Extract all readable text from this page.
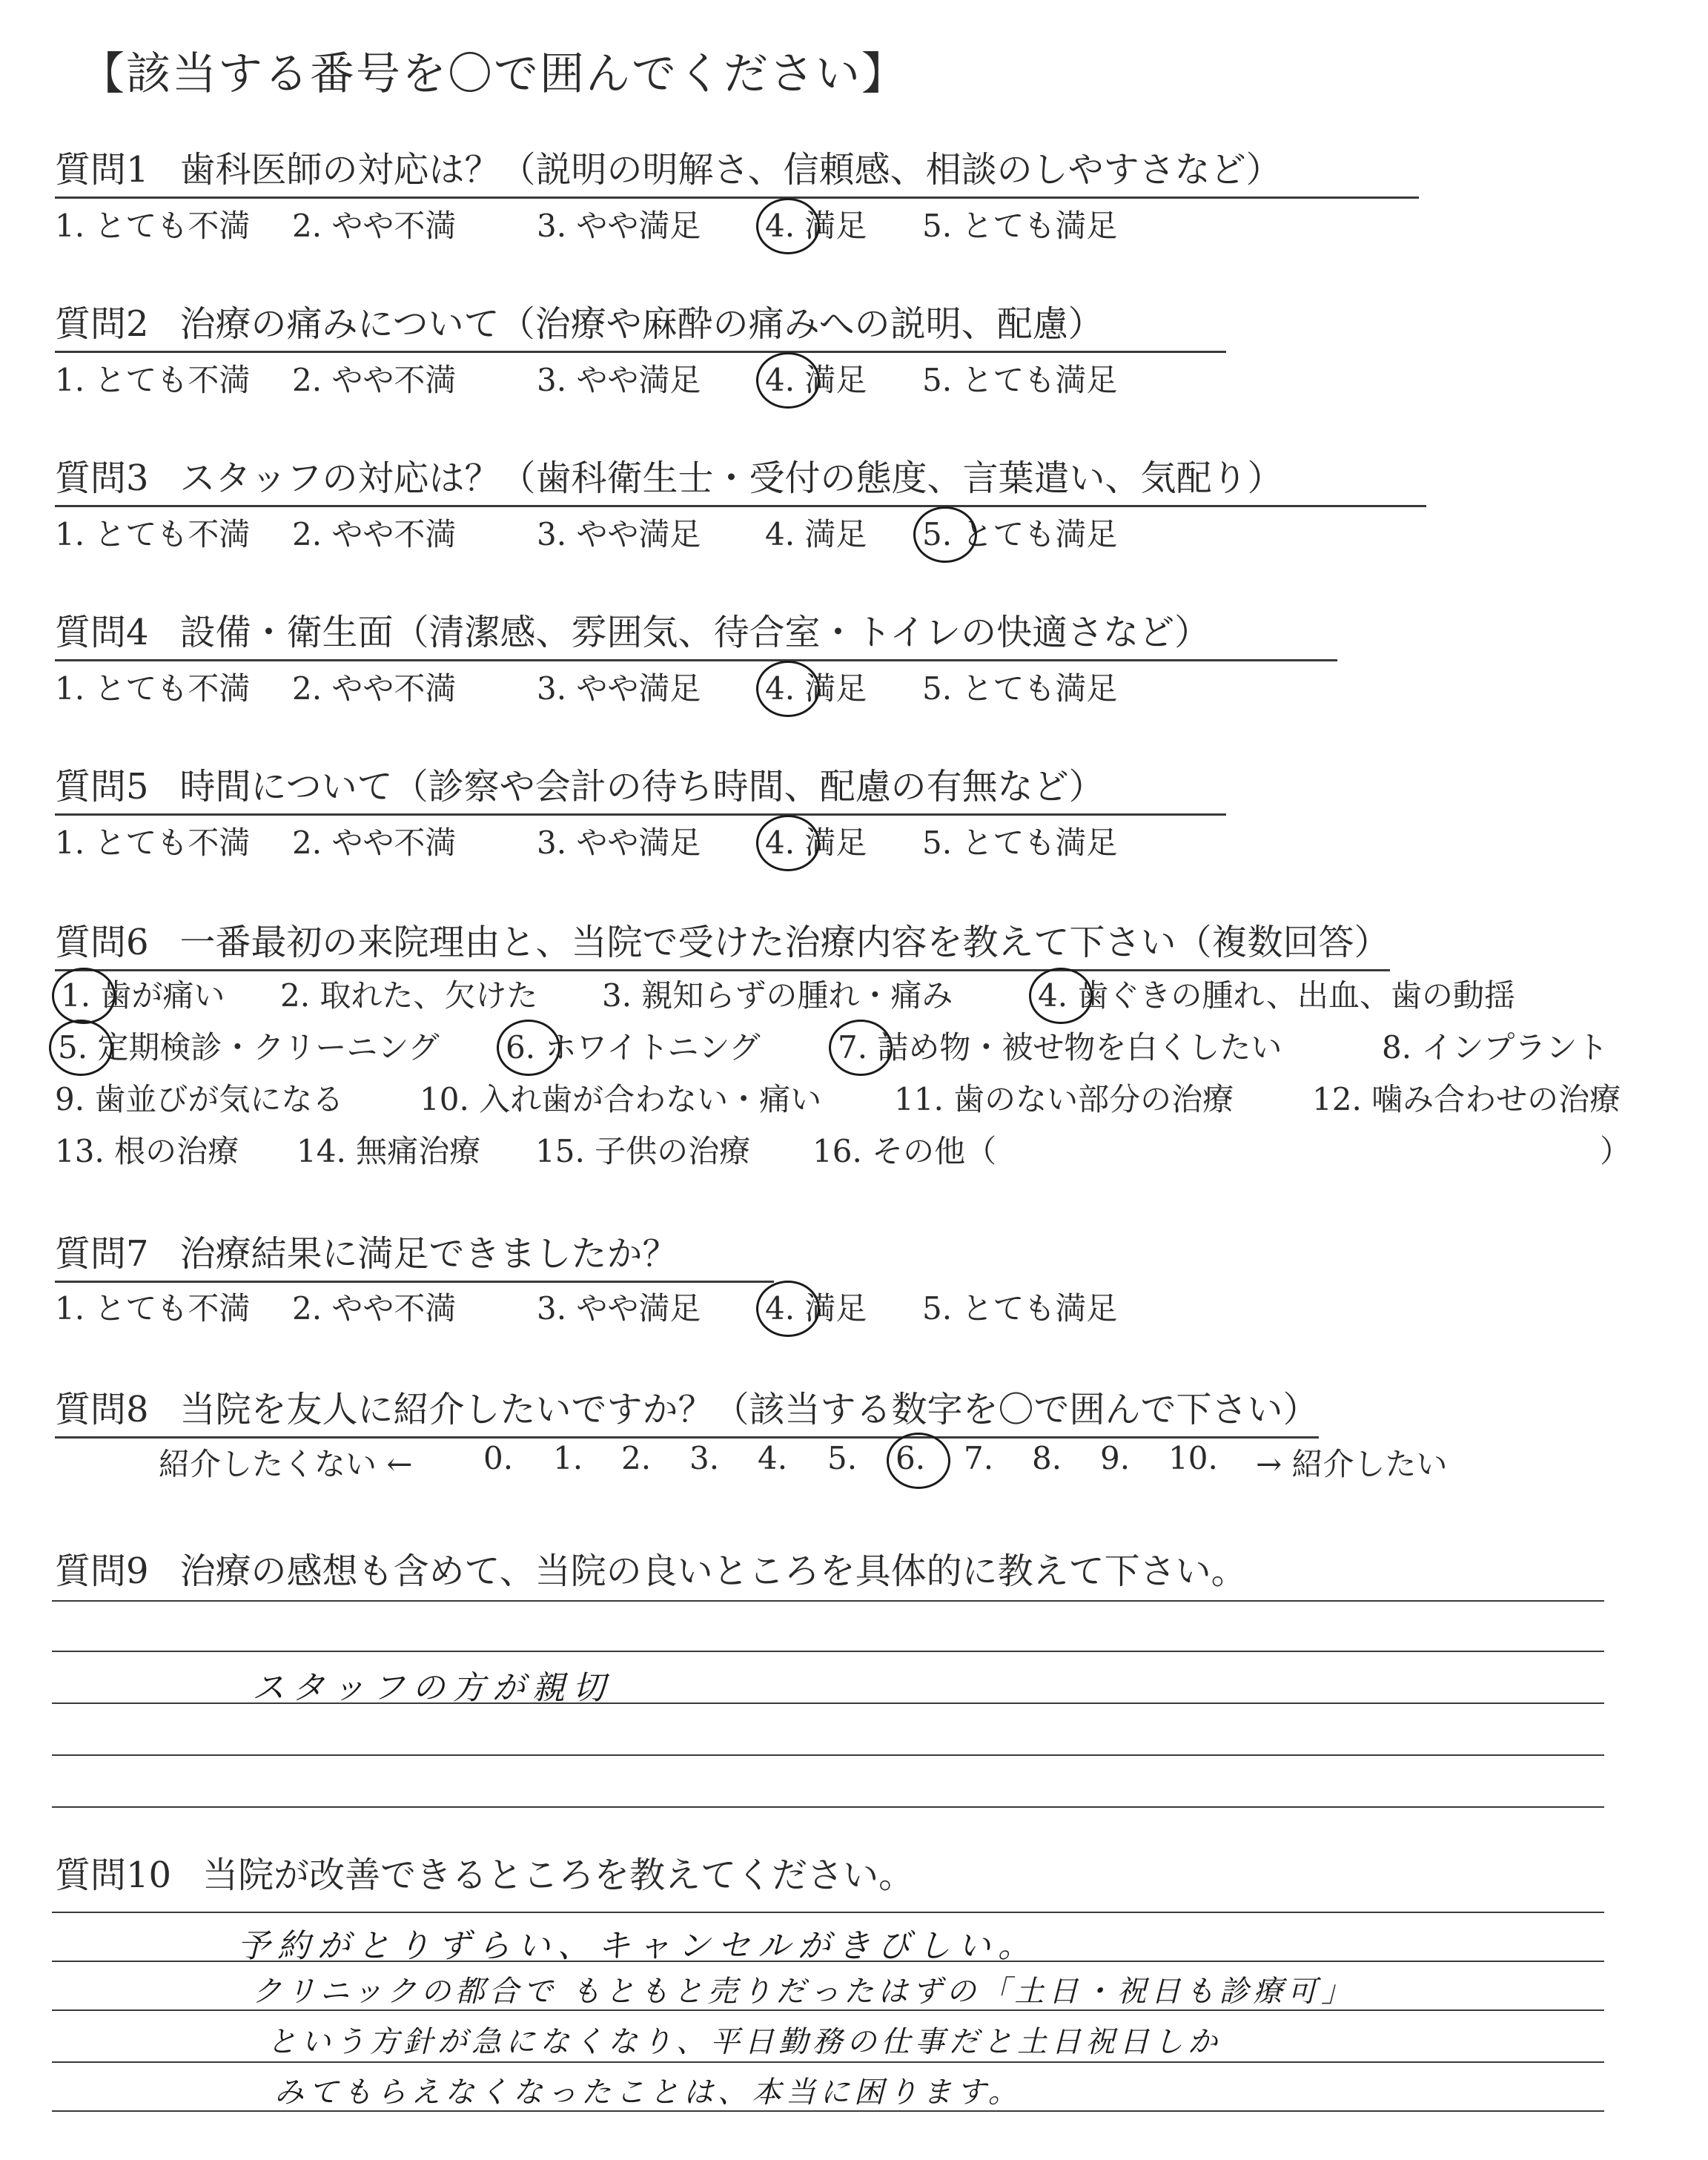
【該当する番号を〇で囲んでください】
質問1 歯科医師の対応は？（説明の明解さ、信頼感、相談のしやすさなど）
1. とても不満 2. やや不満	3. やや満足 4. 満足 5. とても満足
質問2 治療の痛みについて（治療や麻酔の痛みへの説明、配慮）
1. とても不満 2. やや不満	3. やや満足 4. 満足 5. とても満足
質問3 スタッフの対応は？（歯科衛生士・受付の態度、言葉遣い、気配り）
1. とても不満 2. やや不満	3. やや満足 4. 満足 5. とても満足
質問4 設備・衛生面（清潔感、雰囲気、待合室・トイレの快適さなど）
1. とても不満 2. やや不満	3. やや満足 4. 満足 5. とても満足
質問5 時間について（診察や会計の待ち時間、配慮の有無など）
1. とても不満 2. やや不満	3. やや満足 4. 満足 5. とても満足
質問6 一番最初の来院理由と、当院で受けた治療内容を教えて下さい（複数回答）
1. 歯が痛い 2. 取れた、欠けた 3. 親知らずの腫れ・痛み	4. 歯ぐきの腫れ、出血、歯の動揺
5. 定期検診・クリーニング 6. ホワイトニング 7. 詰め物・被せ物を白くしたい	8. インプラント
9. 歯並びが気になる 10. 入れ歯が合わない・痛い 11. 歯のない部分の治療	12. 噛み合わせの治療
13. 根の治療 14. 無痛治療 15. 子供の治療 16. その他（	）
質問7 治療結果に満足できましたか？
1. とても不満 2. やや不満	3. やや満足 4. 満足 5. とても満足
質問8 当院を友人に紹介したいですか？（該当する数字を〇で囲んで下さい）
紹介したくない ← 0. 1. 2. 3. 4. 5. 6. 7. 8. 9. 10. → 紹介したい
質問9 治療の感想も含めて、当院の良いところを具体的に教えて下さい。
スタッフの方が親切
質問10 当院が改善できるところを教えてください。
予約がとりずらい、キャンセルがきびしい。
クリニックの都合で もともと売りだったはずの「土日・祝日も診療可」
という方針が急になくなり、平日勤務の仕事だと土日祝日しか
みてもらえなくなったことは、本当に困ります。
